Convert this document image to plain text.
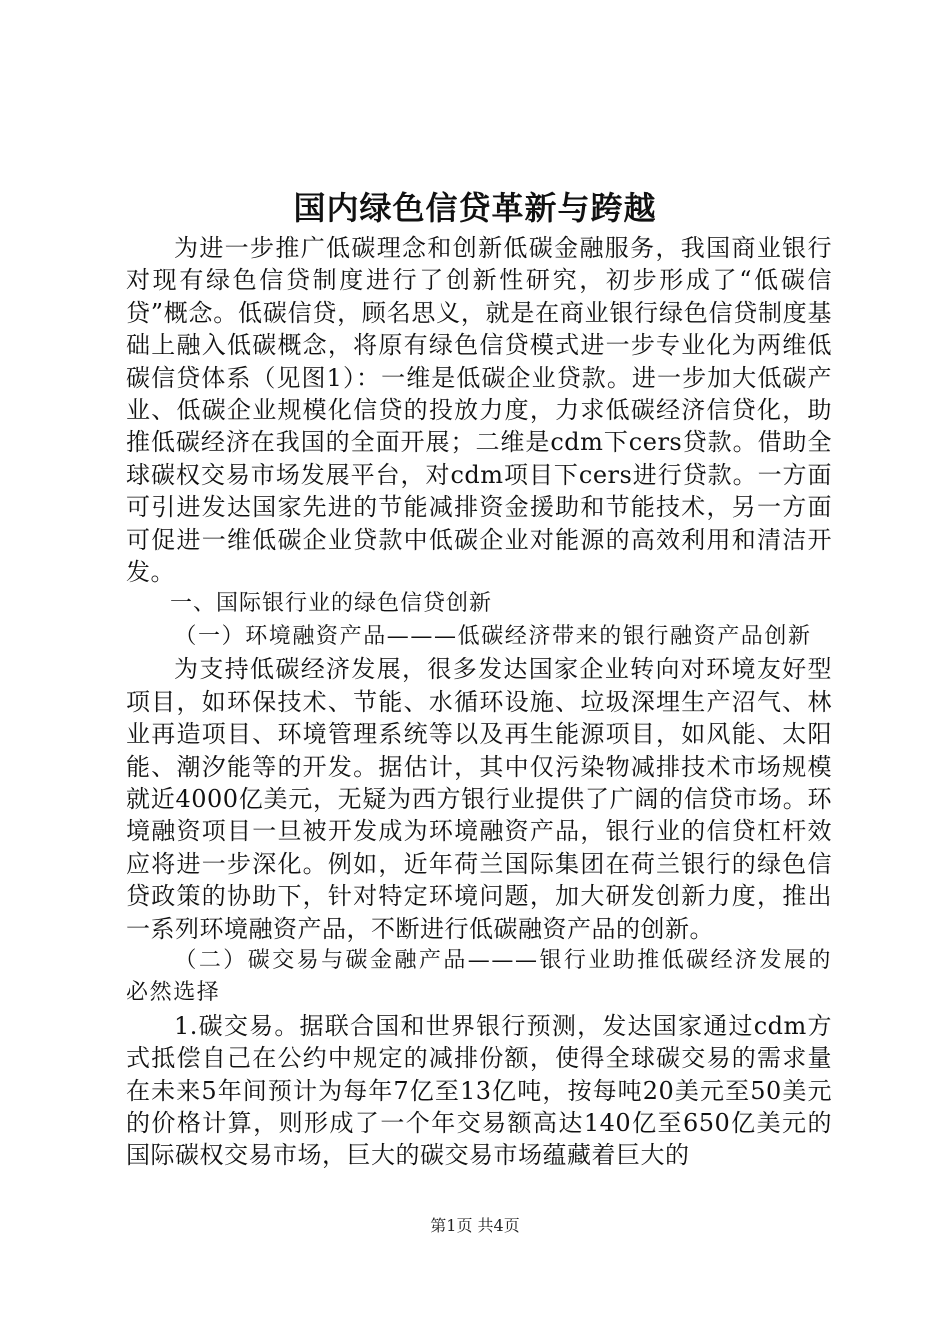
国内绿色信贷革新与跨越

为进一步推广低碳理念和创新低碳金融服务，我国商业银行对现有绿色信贷制度进行了创新性研究，初步形成了“低碳信贷”概念。低碳信贷，顾名思义，就是在商业银行绿色信贷制度基础上融入低碳概念，将原有绿色信贷模式进一步专业化为两维低碳信贷体系（见图1）：一维是低碳企业贷款。进一步加大低碳产业、低碳企业规模化信贷的投放力度，力求低碳经济信贷化，助推低碳经济在我国的全面开展；二维是cdm下cers贷款。借助全球碳权交易市场发展平台，对cdm项目下cers进行贷款。一方面可引进发达国家先进的节能减排资金援助和节能技术，另一方面可促进一维低碳企业贷款中低碳企业对能源的高效利用和清洁开发。

一、国际银行业的绿色信贷创新

（一）环境融资产品———低碳经济带来的银行融资产品创新

为支持低碳经济发展，很多发达国家企业转向对环境友好型项目，如环保技术、节能、水循环设施、垃圾深埋生产沼气、林业再造项目、环境管理系统等以及再生能源项目，如风能、太阳能、潮汐能等的开发。据估计，其中仅污染物减排技术市场规模就近4000亿美元，无疑为西方银行业提供了广阔的信贷市场。环境融资项目一旦被开发成为环境融资产品，银行业的信贷杠杆效应将进一步深化。例如，近年荷兰国际集团在荷兰银行的绿色信贷政策的协助下，针对特定环境问题，加大研发创新力度，推出一系列环境融资产品，不断进行低碳融资产品的创新。

（二）碳交易与碳金融产品———银行业助推低碳经济发展的必然选择

1.碳交易。据联合国和世界银行预测，发达国家通过cdm方式抵偿自己在公约中规定的减排份额，使得全球碳交易的需求量在未来5年间预计为每年7亿至13亿吨，按每吨20美元至50美元的价格计算，则形成了一个年交易额高达140亿至650亿美元的国际碳权交易市场，巨大的碳交易市场蕴藏着巨大的

第1页 共4页
